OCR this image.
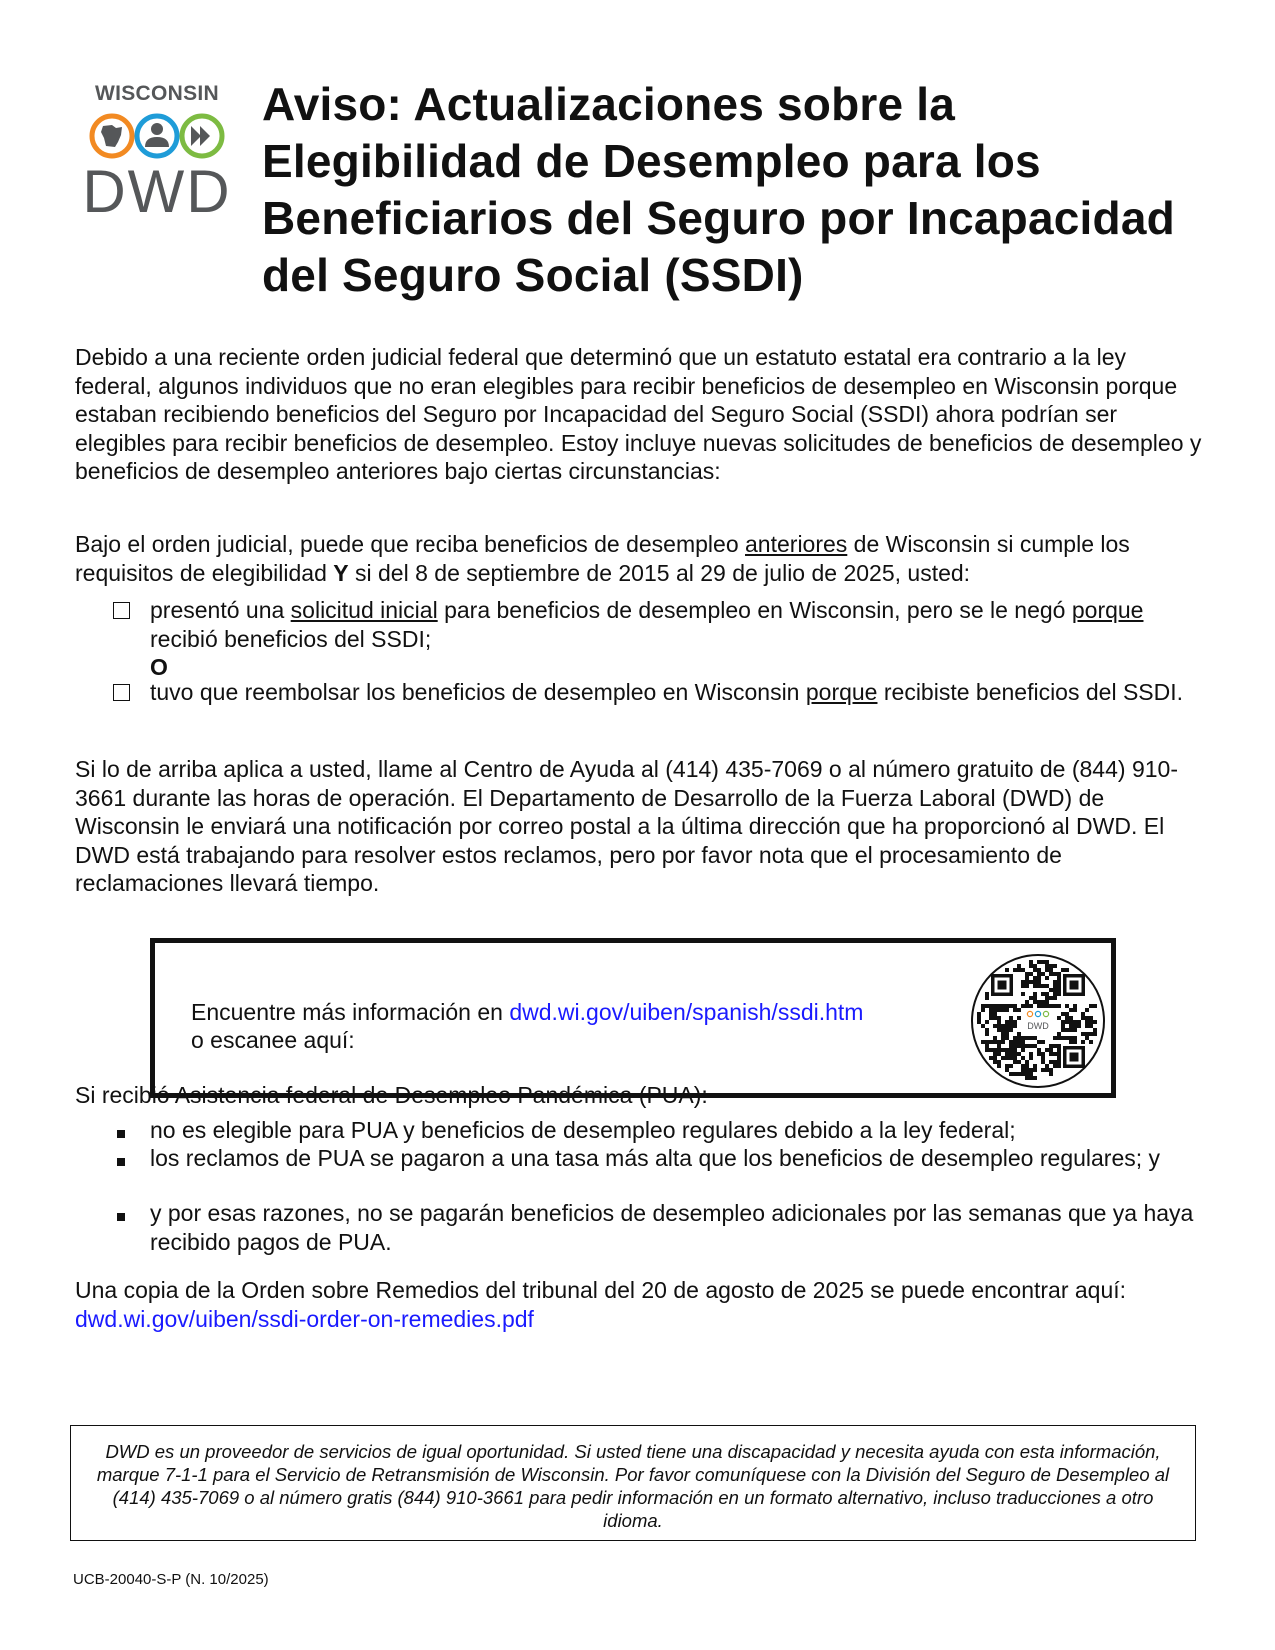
WISCONSIN
DWD
Aviso: Actualizaciones sobre la Elegibilidad de Desempleo para los Beneficiarios del Seguro por Incapacidad del Seguro Social (SSDI)

Debido a una reciente orden judicial federal que determinó que un estatuto estatal era contrario a la ley federal, algunos individuos que no eran elegibles para recibir beneficios de desempleo en Wisconsin porque estaban recibiendo beneficios del Seguro por Incapacidad del Seguro Social (SSDI) ahora podrían ser elegibles para recibir beneficios de desempleo. Estoy incluye nuevas solicitudes de beneficios de desempleo y beneficios de desempleo anteriores bajo ciertas circunstancias:

Bajo el orden judicial, puede que reciba beneficios de desempleo anteriores de Wisconsin si cumple los requisitos de elegibilidad Y si del 8 de septiembre de 2015 al 29 de julio de 2025, usted:

presentó una solicitud inicial para beneficios de desempleo en Wisconsin, pero se le negó porque recibió beneficios del SSDI;
O
tuvo que reembolsar los beneficios de desempleo en Wisconsin porque recibiste beneficios del SSDI.

Si lo de arriba aplica a usted, llame al Centro de Ayuda al (414) 435-7069 o al número gratuito de (844) 910-3661 durante las horas de operación. El Departamento de Desarrollo de la Fuerza Laboral (DWD) de Wisconsin le enviará una notificación por correo postal a la última dirección que ha proporcionó al DWD. El DWD está trabajando para resolver estos reclamos, pero por favor nota que el procesamiento de reclamaciones llevará tiempo.

Encuentre más información en dwd.wi.gov/uiben/spanish/ssdi.htm
o escanee aquí:
DWD

Si recibió Asistencia federal de Desempleo Pandémica (PUA):

no es elegible para PUA y beneficios de desempleo regulares debido a la ley federal;
los reclamos de PUA se pagaron a una tasa más alta que los beneficios de desempleo regulares; y
y por esas razones, no se pagarán beneficios de desempleo adicionales por las semanas que ya haya recibido pagos de PUA.

Una copia de la Orden sobre Remedios del tribunal del 20 de agosto de 2025 se puede encontrar aquí: dwd.wi.gov/uiben/ssdi-order-on-remedies.pdf

DWD es un proveedor de servicios de igual oportunidad. Si usted tiene una discapacidad y necesita ayuda con esta información, marque 7-1-1 para el Servicio de Retransmisión de Wisconsin. Por favor comuníquese con la División del Seguro de Desempleo al (414) 435-7069 o al número gratis (844) 910-3661 para pedir información en un formato alternativo, incluso traducciones a otro idioma.
UCB-20040-S-P (N. 10/2025)
